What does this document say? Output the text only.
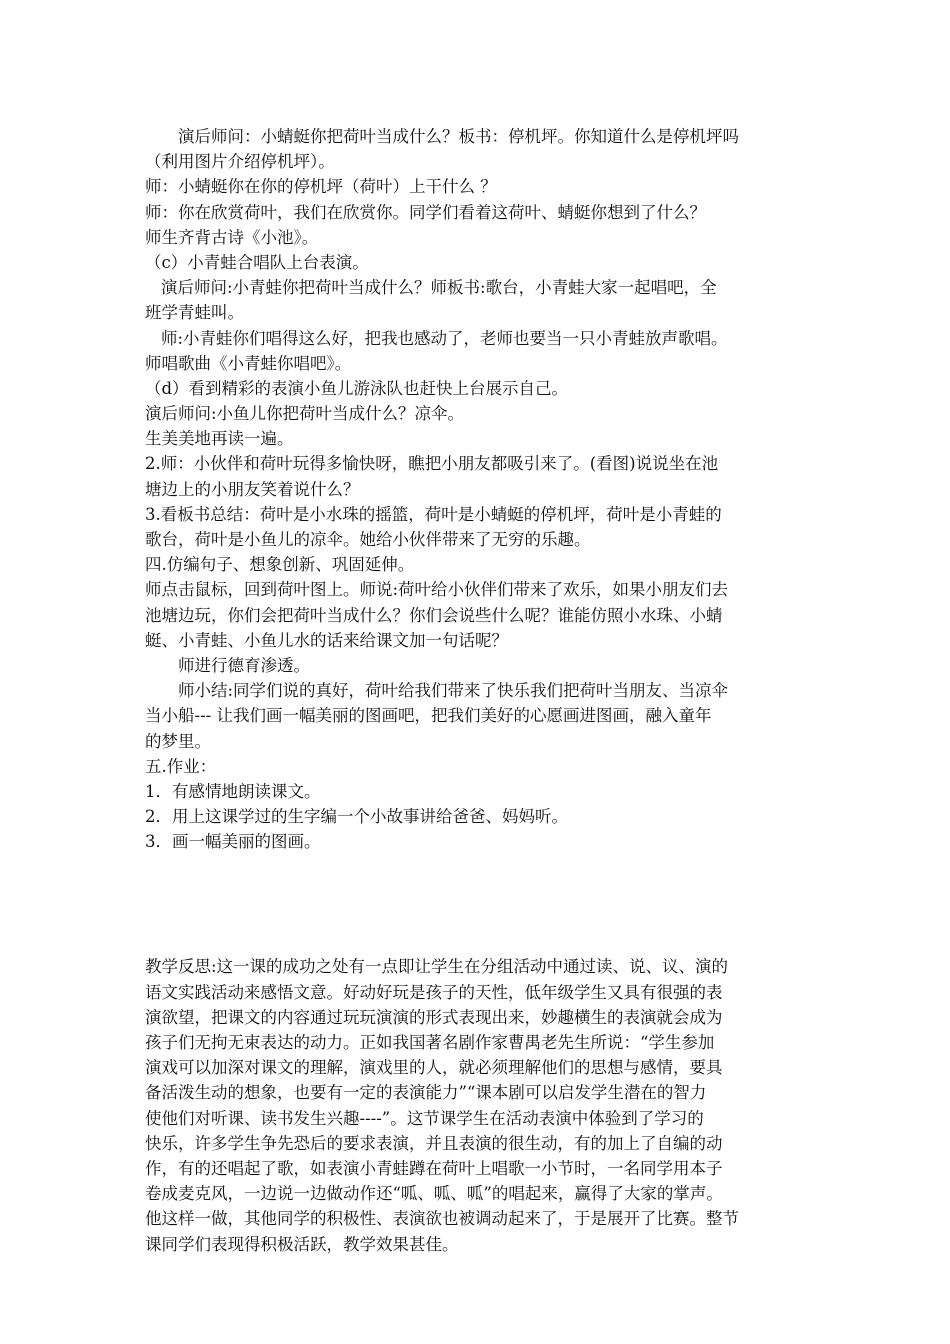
演后师问：小蜻蜓你把荷叶当成什么？板书：停机坪。你知道什么是停机坪吗
（利用图片介绍停机坪）。
师：小蜻蜓你在你的停机坪（荷叶）上干什么 ？
师：你在欣赏荷叶，我们在欣赏你。同学们看着这荷叶、蜻蜓你想到了什么？
师生齐背古诗《小池》。
（c）小青蛙合唱队上台表演。
演后师问:小青蛙你把荷叶当成什么？师板书:歌台，小青蛙大家一起唱吧，全
班学青蛙叫。
师:小青蛙你们唱得这么好，把我也感动了，老师也要当一只小青蛙放声歌唱。
师唱歌曲《小青蛙你唱吧》。
（d）看到精彩的表演小鱼儿游泳队也赶快上台展示自己。
演后师问:小鱼儿你把荷叶当成什么？凉伞。
生美美地再读一遍。
2.师：小伙伴和荷叶玩得多愉快呀，瞧把小朋友都吸引来了。(看图)说说坐在池
塘边上的小朋友笑着说什么？
3.看板书总结：荷叶是小水珠的摇篮，荷叶是小蜻蜓的停机坪，荷叶是小青蛙的
歌台，荷叶是小鱼儿的凉伞。她给小伙伴带来了无穷的乐趣。
四.仿编句子、想象创新、巩固延伸。
师点击鼠标，回到荷叶图上。师说:荷叶给小伙伴们带来了欢乐，如果小朋友们去
池塘边玩，你们会把荷叶当成什么？你们会说些什么呢？谁能仿照小水珠、小蜻
蜓、小青蛙、小鱼儿水的话来给课文加一句话呢？
师进行德育渗透。
师小结:同学们说的真好，荷叶给我们带来了快乐我们把荷叶当朋友、当凉伞
当小船--- 让我们画一幅美丽的图画吧，把我们美好的心愿画进图画，融入童年
的梦里。
五.作业：
1．有感情地朗读课文。
2．用上这课学过的生字编一个小故事讲给爸爸、妈妈听。
3．画一幅美丽的图画。
教学反思:这一课的成功之处有一点即让学生在分组活动中通过读、说、议、演的
语文实践活动来感悟文意。好动好玩是孩子的天性，低年级学生又具有很强的表
演欲望，把课文的内容通过玩玩演演的形式表现出来，妙趣横生的表演就会成为
孩子们无拘无束表达的动力。正如我国著名剧作家曹禺老先生所说：“学生参加
演戏可以加深对课文的理解，演戏里的人，就必须理解他们的思想与感情，要具
备活泼生动的想象，也要有一定的表演能力”“课本剧可以启发学生潜在的智力
使他们对听课、读书发生兴趣----”。这节课学生在活动表演中体验到了学习的
快乐，许多学生争先恐后的要求表演，并且表演的很生动，有的加上了自编的动
作，有的还唱起了歌，如表演小青蛙蹲在荷叶上唱歌一小节时，一名同学用本子
卷成麦克风，一边说一边做动作还“呱、呱、呱”的唱起来，赢得了大家的掌声。
他这样一做，其他同学的积极性、表演欲也被调动起来了，于是展开了比赛。整节
课同学们表现得积极活跃，教学效果甚佳。
